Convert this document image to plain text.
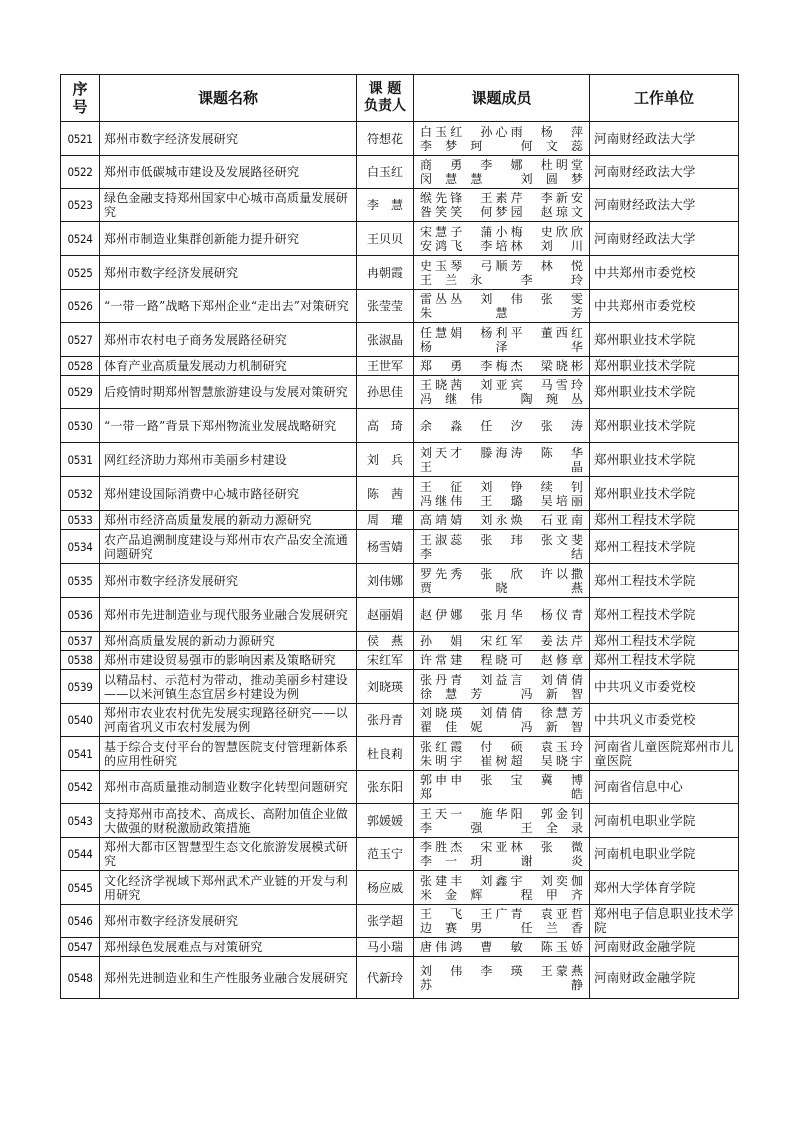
序
号	课题名称	课 题
负责人	课题成员	工作单位
0521	郑州市数字经济发展研究	符想花	白玉红　孙心雨　杨　萍
李梦珂　何文蕊	河南财经政法大学
0522	郑州市低碳城市建设及发展路径研究	白玉红	商　勇　李　娜　杜明堂
闵慧慧　刘圆梦	河南财经政法大学
0523	绿色金融支持郑州国家中心城市高质量发展研究	李　慧	缑先锋　王素芹　李新安
昝笑笑　何梦园　赵琼文	河南财经政法大学
0524	郑州市制造业集群创新能力提升研究	王贝贝	宋慧子　蒲小梅　史欣欣
安鸿飞　李培林　刘　川	河南财经政法大学
0525	郑州市数字经济发展研究	冉朝霞	史玉琴　弓顺芳　林　悦
王兰永　李　玲	中共郑州市委党校
0526	“一带一路”战略下郑州企业“走出去”对策研究	张莹莹	雷丛丛　刘　伟　张　雯
朱慧芳	中共郑州市委党校
0527	郑州市农村电子商务发展路径研究	张淑晶	任慧娟　杨利平　董西红
杨泽华	郑州职业技术学院
0528	体育产业高质量发展动力机制研究	王世军	郑　勇　李梅杰　梁晓彬	郑州职业技术学院
0529	后疫情时期郑州智慧旅游建设与发展对策研究	孙思佳	王晓茜　刘亚宾　马雪玲
冯继伟　陶琬丛	郑州职业技术学院
0530	“一带一路”背景下郑州物流业发展战略研究	高　琦	余　淼　任　汐　张　涛	郑州职业技术学院
0531	网红经济助力郑州市美丽乡村建设	刘　兵	刘天才　滕海涛　陈　华
王　晶	郑州职业技术学院
0532	郑州建设国际消费中心城市路径研究	陈　茜	王　征　刘　铮　续　钊
冯继伟　王　璐　吴培丽	郑州职业技术学院
0533	郑州市经济高质量发展的新动力源研究	周　瓘	高靖婧　刘永焕　石亚南	郑州工程技术学院
0534	农产品追溯制度建设与郑州市农产品安全流通问题研究	杨雪婧	王淑蕊　张　玮　张文斐
李　结	郑州工程技术学院
0535	郑州市数字经济发展研究	刘伟娜	罗先秀　张　欣　许以撒
贾晓燕	郑州工程技术学院
0536	郑州市先进制造业与现代服务业融合发展研究	赵丽娟	赵伊娜　张月华　杨仪青	郑州工程技术学院
0537	郑州高质量发展的新动力源研究	侯　燕	孙　娟　宋红军　姜法芹	郑州工程技术学院
0538	郑州市建设贸易强市的影响因素及策略研究	宋红军	许常建　程晓可　赵修章	郑州工程技术学院
0539	以精品村、示范村为带动，推动美丽乡村建设——以米河镇生态宜居乡村建设为例	刘晓瑛	张丹青　刘益言　刘倩倩
徐慧芳　冯新智	中共巩义市委党校
0540	郑州市农业农村优先发展实现路径研究——以河南省巩义市农村发展为例	张丹青	刘晓瑛　刘倩倩　徐慧芳
翟佳妮　冯新智	中共巩义市委党校
0541	基于综合支付平台的智慧医院支付管理新体系的应用性研究	杜良莉	张红霞　付　硕　袁玉玲
朱明宇　崔树超　吴晓宇	河南省儿童医院郑州市儿童医院
0542	郑州市高质量推动制造业数字化转型问题研究	张东阳	郭申申　张　宝　冀　博
郑　皓	河南省信息中心
0543	支持郑州市高技术、高成长、高附加值企业做大做强的财税激励政策措施	郭媛媛	王天一　施华阳　郭金钊
李　强　王全录	河南机电职业学院
0544	郑州大都市区智慧型生态文化旅游发展模式研究	范玉宁	李胜杰　宋亚林　张　微
李一玥　谢　炎	河南机电职业学院
0545	文化经济学视域下郑州武术产业链的开发与利用研究	杨应威	张建丰　刘鑫宇　刘奕伽
米金辉　程甲齐	郑州大学体育学院
0546	郑州市数字经济发展研究	张学超	王　飞　王广青　袁亚哲
边赛男　任兰香	郑州电子信息职业技术学院
0547	郑州绿色发展难点与对策研究	马小瑞	唐伟鸿　曹　敏　陈玉娇	河南财政金融学院
0548	郑州先进制造业和生产性服务业融合发展研究	代新玲	刘　伟　李　瑛　王蒙燕
苏　静	河南财政金融学院
